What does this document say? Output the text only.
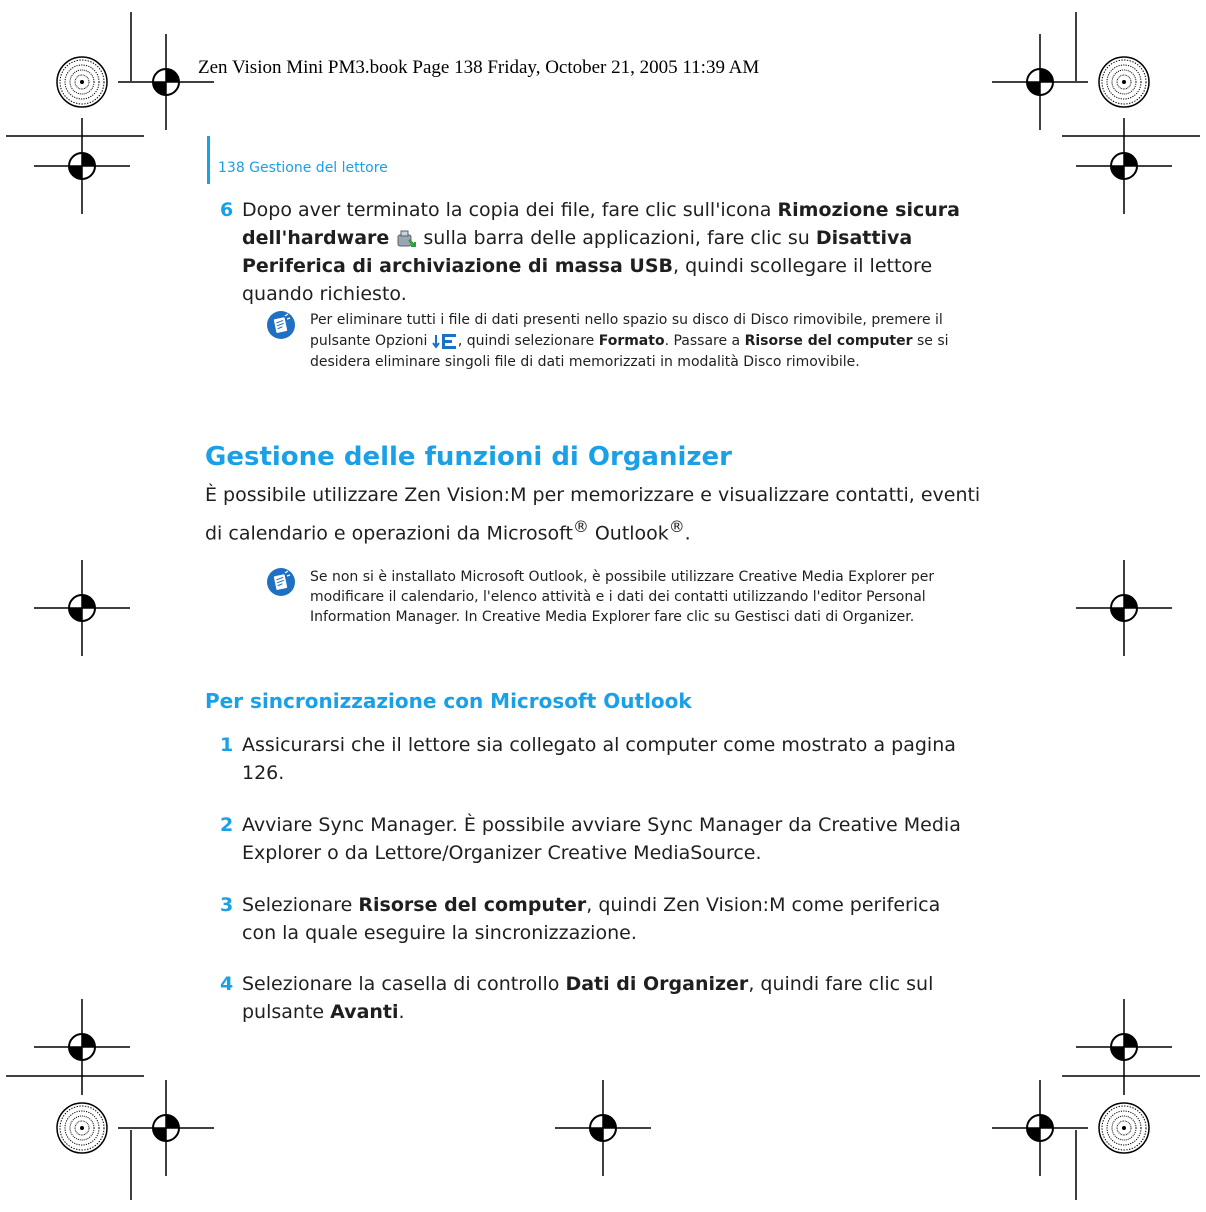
Zen Vision Mini PM3.book Page 138 Friday, October 21, 2005 11:39 AM
138 Gestione del lettore
6 Dopo aver terminato la copia dei file, fare clic sull'icona Rimozione sicura dell'hardware  sulla barra delle applicazioni, fare clic su Disattiva Periferica di archiviazione di massa USB, quindi scollegare il lettore quando richiesto.
Per eliminare tutti i file di dati presenti nello spazio su disco di Disco rimovibile, premere il pulsante Opzioni , quindi selezionare Formato. Passare a Risorse del computer se si desidera eliminare singoli file di dati memorizzati in modalità Disco rimovibile.
Gestione delle funzioni di Organizer
È possibile utilizzare Zen Vision:M per memorizzare e visualizzare contatti, eventi di calendario e operazioni da Microsoft® Outlook®.
Se non si è installato Microsoft Outlook, è possibile utilizzare Creative Media Explorer per modificare il calendario, l'elenco attività e i dati dei contatti utilizzando l'editor Personal Information Manager. In Creative Media Explorer fare clic su Gestisci dati di Organizer.
Per sincronizzazione con Microsoft Outlook
1 Assicurarsi che il lettore sia collegato al computer come mostrato a pagina 126.
2 Avviare Sync Manager. È possibile avviare Sync Manager da Creative Media Explorer o da Lettore/Organizer Creative MediaSource.
3 Selezionare Risorse del computer, quindi Zen Vision:M come periferica con la quale eseguire la sincronizzazione.
4 Selezionare la casella di controllo Dati di Organizer, quindi fare clic sul pulsante Avanti.
